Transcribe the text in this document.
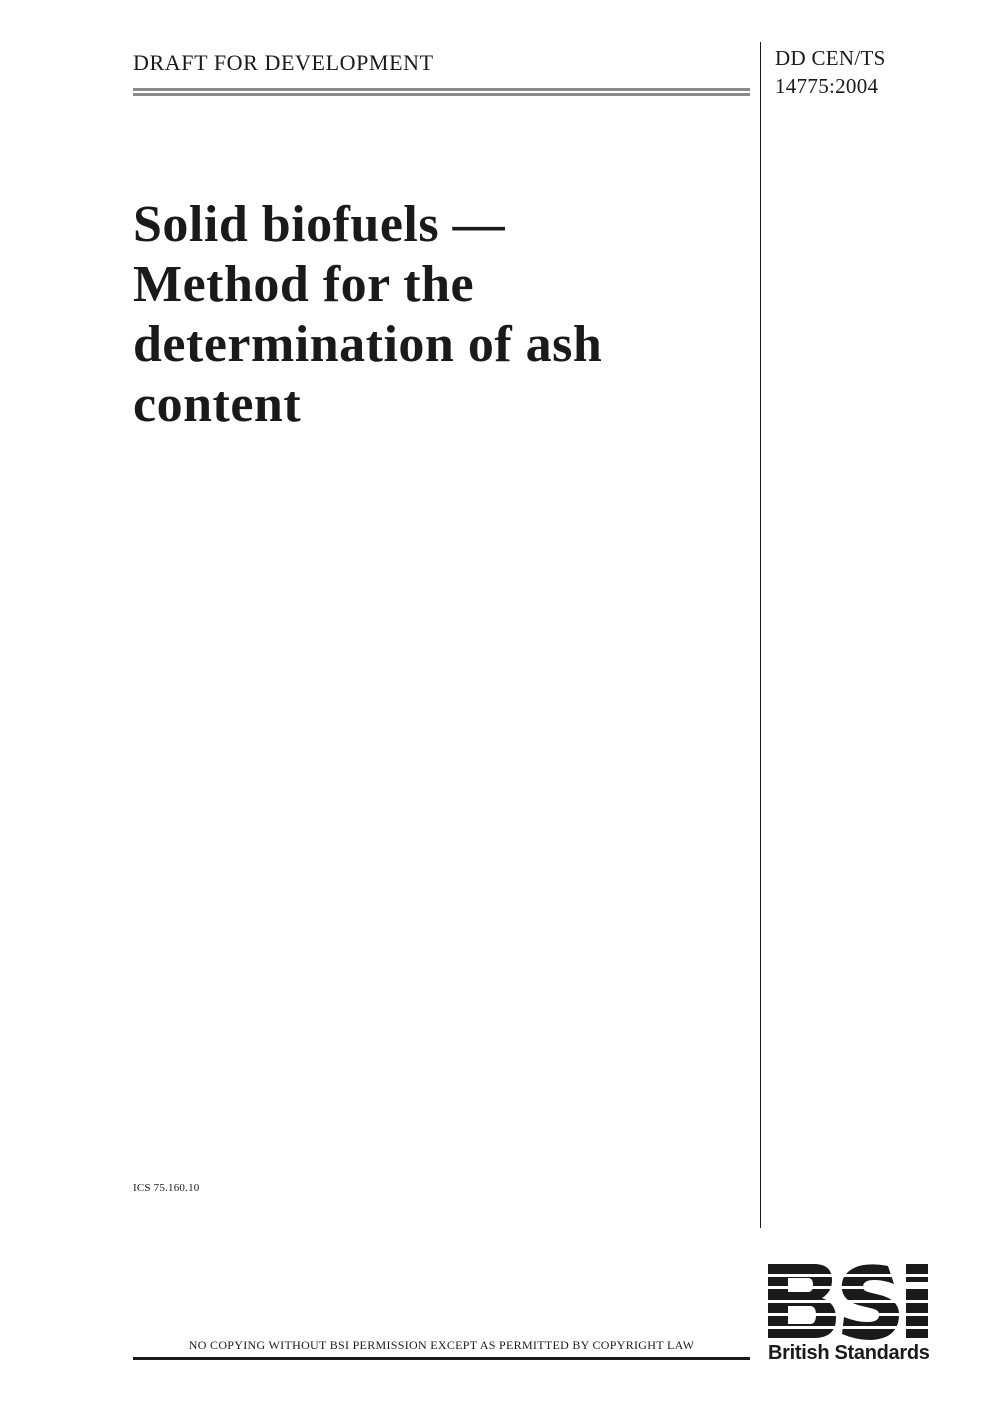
DRAFT FOR DEVELOPMENT	DD CEN/TS
14775:2004
Solid biofuels —
Method for the
determination of ash
content
ICS 75.160.10
NO COPYING WITHOUT BSI PERMISSION EXCEPT AS PERMITTED BY COPYRIGHT LAW	British Standards
